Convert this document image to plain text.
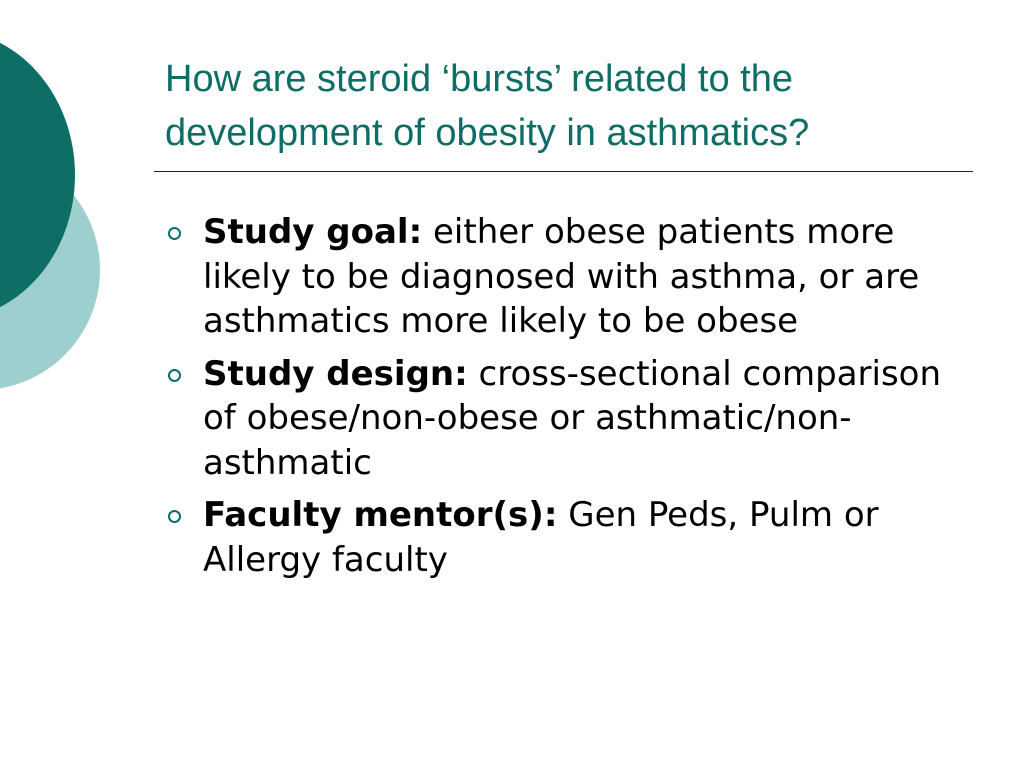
How are steroid ‘bursts’ related to the
development of obesity in asthmatics?
Study goal: either obese patients more likely to be diagnosed with asthma, or are asthmatics more likely to be obese
Study design: cross-sectional comparison of obese/non-obese or asthmatic/non-asthmatic
Faculty mentor(s): Gen Peds, Pulm or Allergy faculty
